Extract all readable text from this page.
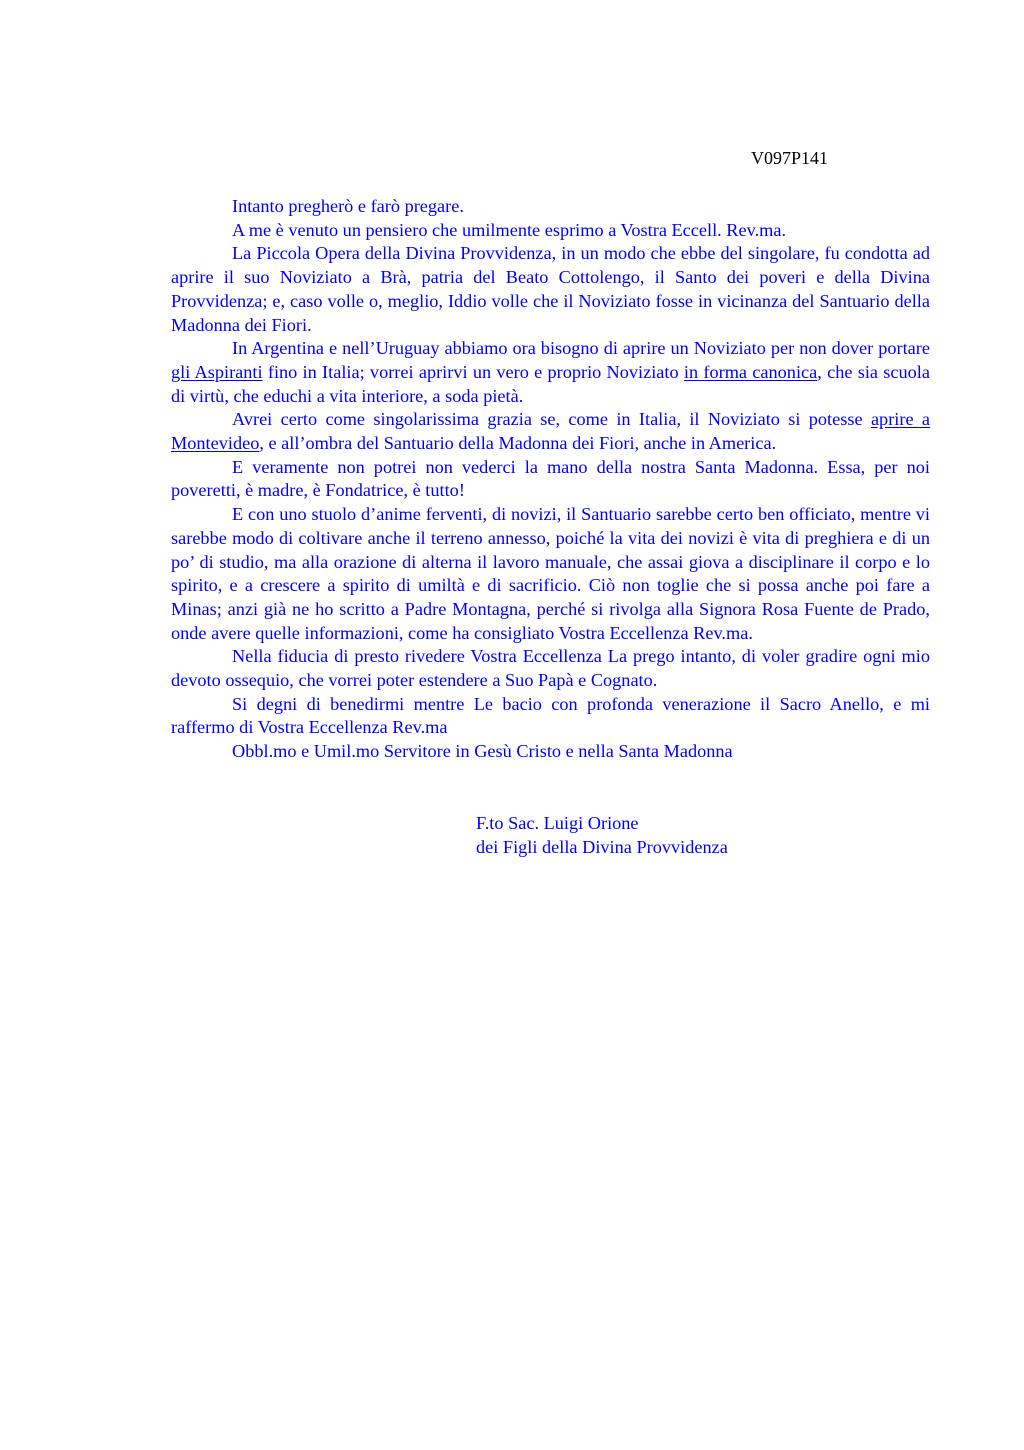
V097P141

Intanto pregherò e farò pregare.

A me è venuto un pensiero che umilmente esprimo a Vostra Eccell. Rev.ma.

La Piccola Opera della Divina Provvidenza, in un modo che ebbe del singolare, fu condotta ad aprire il suo Noviziato a Brà, patria del Beato Cottolengo, il Santo dei poveri e della Divina Provvidenza; e, caso volle o, meglio, Iddio volle che il Noviziato fosse in vicinanza del Santuario della Madonna dei Fiori.

In Argentina e nell’Uruguay abbiamo ora bisogno di aprire un Noviziato per non dover portare gli Aspiranti fino in Italia; vorrei aprirvi un vero e proprio Noviziato in forma canonica, che sia scuola di virtù, che educhi a vita interiore, a soda pietà.

Avrei certo come singolarissima grazia se, come in Italia, il Noviziato si potesse aprire a Montevideo, e all’ombra del Santuario della Madonna dei Fiori, anche in America.

E veramente non potrei non vederci la mano della nostra Santa Madonna. Essa, per noi poveretti, è madre, è Fondatrice, è tutto!

E con uno stuolo d’anime ferventi, di novizi, il Santuario sarebbe certo ben officiato, mentre vi sarebbe modo di coltivare anche il terreno annesso, poiché la vita dei novizi è vita di preghiera e di un po’ di studio, ma alla orazione di alterna il lavoro manuale, che assai giova a disciplinare il corpo e lo spirito, e a crescere a spirito di umiltà e di sacrificio. Ciò non toglie che si possa anche poi fare a Minas; anzi già ne ho scritto a Padre Montagna, perché si rivolga alla Signora Rosa Fuente de Prado, onde avere quelle informazioni, come ha consigliato Vostra Eccellenza Rev.ma.

Nella fiducia di presto rivedere Vostra Eccellenza La prego intanto, di voler gradire ogni mio devoto ossequio, che vorrei poter estendere a Suo Papà e Cognato.

Si degni di benedirmi mentre Le bacio con profonda venerazione il Sacro Anello, e mi raffermo di Vostra Eccellenza Rev.ma

Obbl.mo e Umil.mo Servitore in Gesù Cristo e nella Santa Madonna

F.to Sac. Luigi Orione
dei Figli della Divina Provvidenza
